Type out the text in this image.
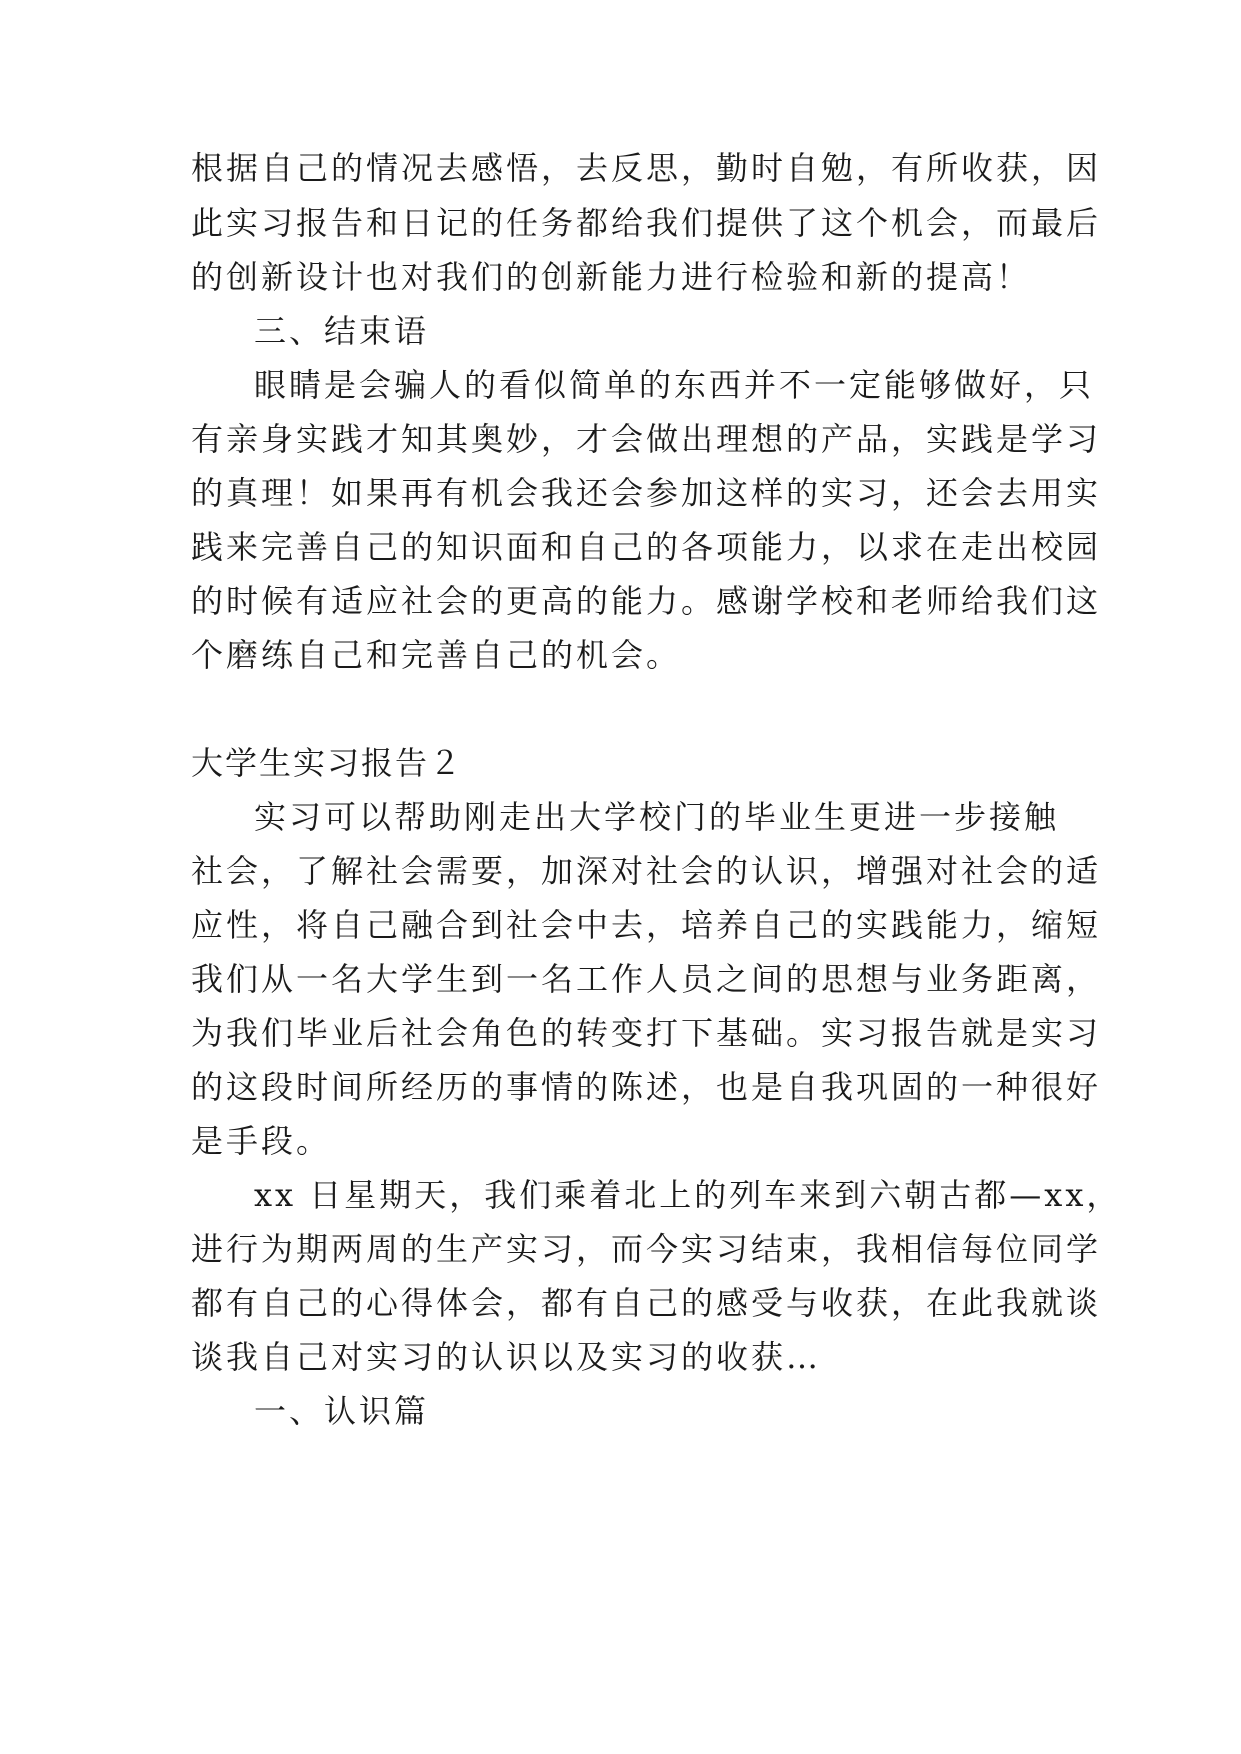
根据自己的情况去感悟，去反思，勤时自勉，有所收获，因
此实习报告和日记的任务都给我们提供了这个机会，而最后
的创新设计也对我们的创新能力进行检验和新的提高！
三、结束语
眼睛是会骗人的看似简单的东西并不一定能够做好，只
有亲身实践才知其奥妙，才会做出理想的产品，实践是学习
的真理！如果再有机会我还会参加这样的实习，还会去用实
践来完善自己的知识面和自己的各项能力，以求在走出校园
的时候有适应社会的更高的能力。感谢学校和老师给我们这
个磨练自己和完善自己的机会。
大学生实习报告２
实习可以帮助刚走出大学校门的毕业生更进一步接触
社会，了解社会需要，加深对社会的认识，增强对社会的适
应性，将自己融合到社会中去，培养自己的实践能力，缩短
我们从一名大学生到一名工作人员之间的思想与业务距离，
为我们毕业后社会角色的转变打下基础。实习报告就是实习
的这段时间所经历的事情的陈述，也是自我巩固的一种很好
是手段。
xx 日星期天，我们乘着北上的列车来到六朝古都—xx，
进行为期两周的生产实习，而今实习结束，我相信每位同学
都有自己的心得体会，都有自己的感受与收获，在此我就谈
谈我自己对实习的认识以及实习的收获…
一、认识篇
